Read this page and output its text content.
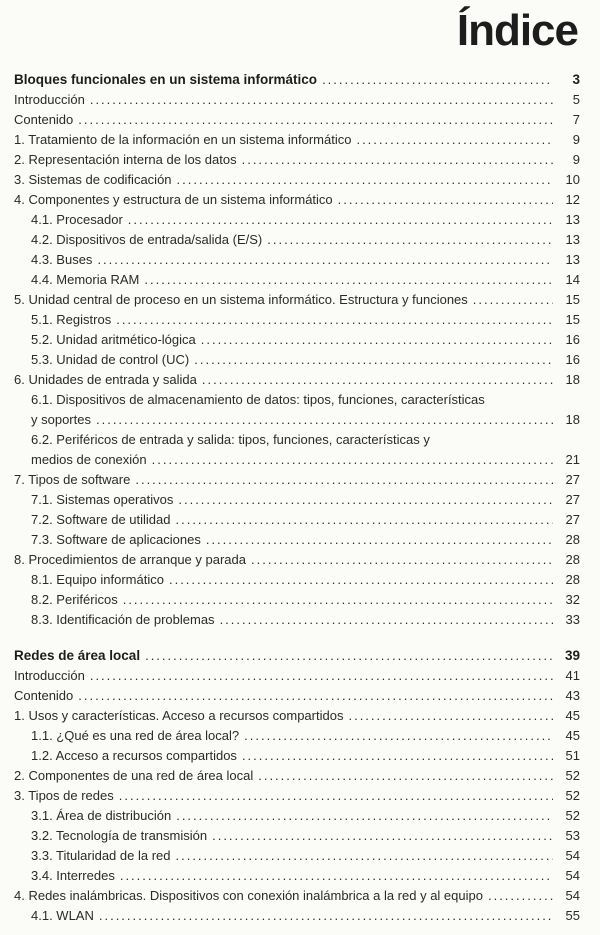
Índice
Bloques funcionales en un sistema informático .....	3
Introducción .....	5
Contenido .....	7
1. Tratamiento de la información en un sistema informático .....	9
2. Representación interna de los datos .....	9
3. Sistemas de codificación .....	10
4. Componentes y estructura de un sistema informático .....	12
4.1. Procesador .....	13
4.2. Dispositivos de entrada/salida (E/S) .....	13
4.3. Buses .....	13
4.4. Memoria RAM .....	14
5. Unidad central de proceso en un sistema informático. Estructura y funciones .....	15
5.1. Registros .....	15
5.2. Unidad aritmético-lógica .....	16
5.3. Unidad de control (UC) .....	16
6. Unidades de entrada y salida .....	18
6.1. Dispositivos de almacenamiento de datos: tipos, funciones, características
y soportes .....	18
6.2. Periféricos de entrada y salida: tipos, funciones, características y
medios de conexión .....	21
7. Tipos de software .....	27
7.1. Sistemas operativos .....	27
7.2. Software de utilidad .....	27
7.3. Software de aplicaciones .....	28
8. Procedimientos de arranque y parada .....	28
8.1. Equipo informático .....	28
8.2. Periféricos .....	32
8.3. Identificación de problemas .....	33
Redes de área local .....	39
Introducción .....	41
Contenido .....	43
1. Usos y características. Acceso a recursos compartidos .....	45
1.1. ¿Qué es una red de área local? .....	45
1.2. Acceso a recursos compartidos .....	51
2. Componentes de una red de área local .....	52
3. Tipos de redes .....	52
3.1. Área de distribución .....	52
3.2. Tecnología de transmisión .....	53
3.3. Titularidad de la red .....	54
3.4. Interredes .....	54
4. Redes inalámbricas. Dispositivos con conexión inalámbrica a la red y al equipo .....	54
4.1. WLAN .....	55
